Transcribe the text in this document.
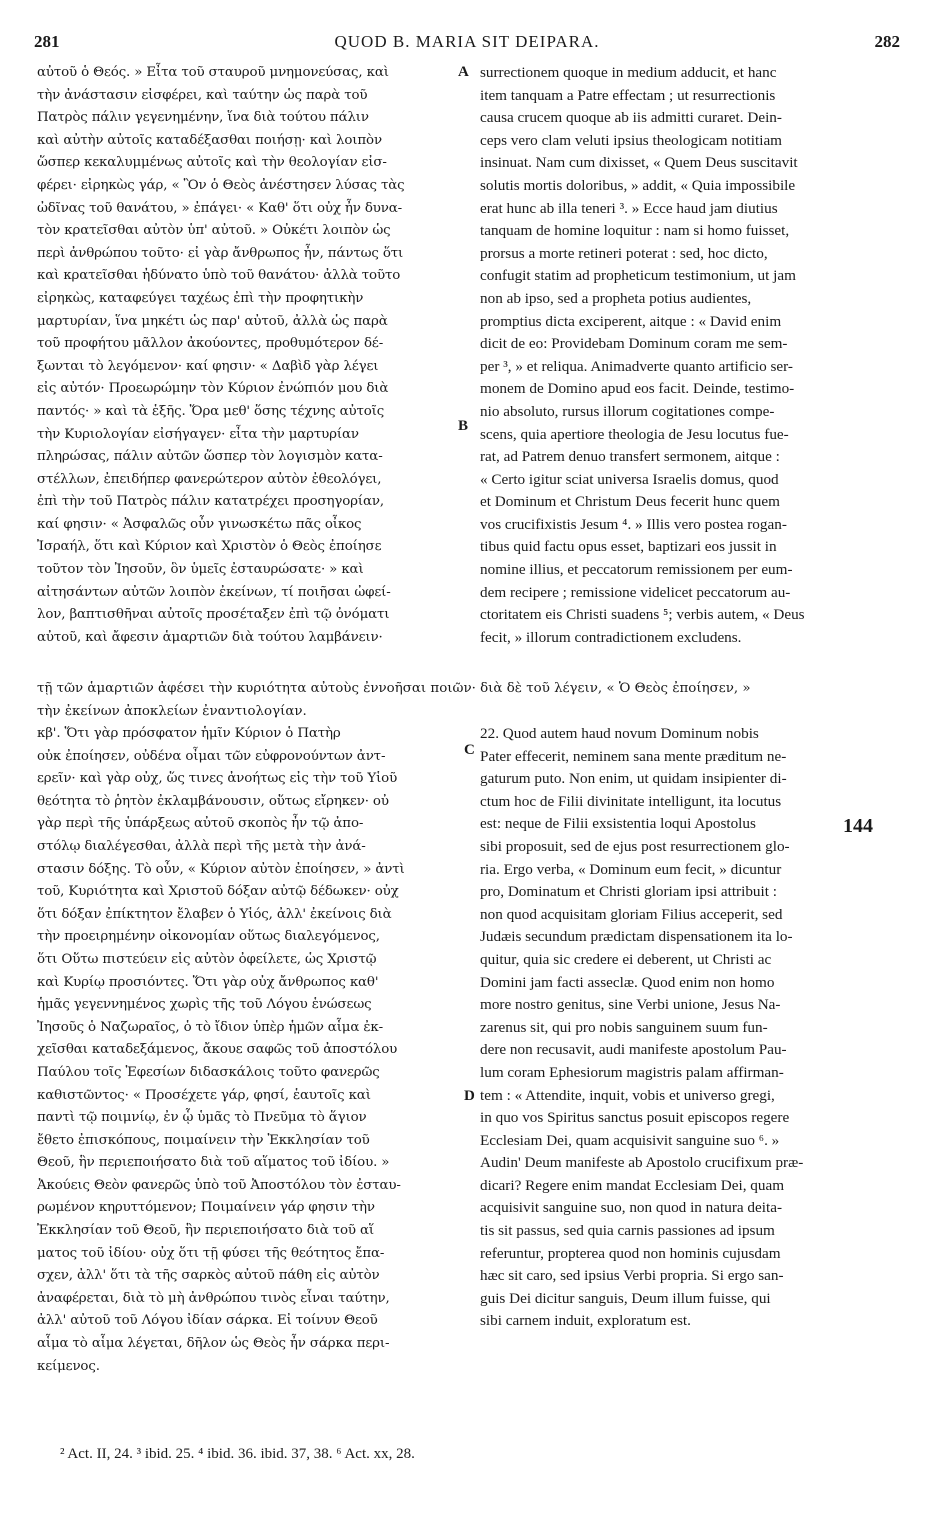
281	QUOD B. MARIA SIT DEIPARA.	282
αὐτοῦ ὁ Θεός. » Εἶτα τοῦ σταυροῦ μνημονεύσας, καὶ
τὴν ἀνάστασιν εἰσφέρει, καὶ ταύτην ὡς παρὰ τοῦ
Πατρὸς πάλιν γεγενημένην, ἵνα διὰ τούτου πάλιν
καὶ αὐτὴν αὐτοῖς καταδέξασθαι ποιήσῃ· καὶ λοιπὸν
ὥσπερ κεκαλυμμένως αὐτοῖς καὶ τὴν θεολογίαν εἰσ-
φέρει· εἰρηκὼς γάρ, « Ὃν ὁ Θεὸς ἀνέστησεν λύσας τὰς
ὠδῖνας τοῦ θανάτου, » ἐπάγει· « Καθ' ὅτι οὐχ ἦν δυνα-
τὸν κρατεῖσθαι αὐτὸν ὑπ' αὐτοῦ. » Οὐκέτι λοιπὸν ὡς
περὶ ἀνθρώπου τοῦτο· εἰ γὰρ ἄνθρωπος ἦν, πάντως ὅτι
καὶ κρατεῖσθαι ἠδύνατο ὑπὸ τοῦ θανάτου· ἀλλὰ τοῦτο
εἰρηκὼς, καταφεύγει ταχέως ἐπὶ τὴν προφητικὴν
μαρτυρίαν, ἵνα μηκέτι ὡς παρ' αὐτοῦ, ἀλλὰ ὡς παρὰ
τοῦ προφήτου μᾶλλον ἀκούοντες, προθυμότερον δέ-
ξωνται τὸ λεγόμενον· καί φησιν· « Δαβὶδ γὰρ λέγει
εἰς αὐτόν· Προεωρώμην τὸν Κύριον ἐνώπιόν μου διὰ
παντός· » καὶ τὰ ἑξῆς. Ὅρα μεθ' ὅσης τέχνης αὐτοῖς
τὴν Κυριολογίαν εἰσήγαγεν· εἶτα τὴν μαρτυρίαν
πληρώσας, πάλιν αὐτῶν ὥσπερ τὸν λογισμὸν κατα-
στέλλων, ἐπειδήπερ φανερώτερον αὐτὸν ἐθεολόγει,
ἐπὶ τὴν τοῦ Πατρὸς πάλιν κατατρέχει προσηγορίαν,
καί φησιν· « Ἀσφαλῶς οὖν γινωσκέτω πᾶς οἶκος
Ἰσραήλ, ὅτι καὶ Κύριον καὶ Χριστὸν ὁ Θεὸς ἐποίησε
τοῦτον τὸν Ἰησοῦν, ὃν ὑμεῖς ἐσταυρώσατε· » καὶ
αἰτησάντων αὐτῶν λοιπὸν ἐκείνων, τί ποιῆσαι ὠφεί-
λον, βαπτισθῆναι αὐτοῖς προσέταξεν ἐπὶ τῷ ὀνόματι
αὐτοῦ, καὶ ἄφεσιν ἁμαρτιῶν διὰ τούτου λαμβάνειν·
surrectionem quoque in medium adducit, et hanc
item tanquam a Patre effectam ; ut resurrectionis
causa crucem quoque ab iis admitti curaret. Dein-
ceps vero clam veluti ipsius theologicam notitiam
insinuat. Nam cum dixisset, « Quem Deus suscitavit
solutis mortis doloribus, » addit, « Quia impossibile
erat hunc ab illa teneri ³. » Ecce haud jam diutius
tanquam de homine loquitur : nam si homo fuisset,
prorsus a morte retineri poterat : sed, hoc dicto,
confugit statim ad propheticum testimonium, ut jam
non ab ipso, sed a propheta potius audientes,
promptius dicta exciperent, aitque : « David enim
dicit de eo: Providebam Dominum coram me sem-
per ³, » et reliqua. Animadverte quanto artificio ser-
monem de Domino apud eos facit. Deinde, testimo-
nio absoluto, rursus illorum cogitationes compe-
scens, quia apertiore theologia de Jesu locutus fue-
rat, ad Patrem denuo transfert sermonem, aitque :
« Certo igitur sciat universa Israelis domus, quod
et Dominum et Christum Deus fecerit hunc quem
vos crucifixistis Jesum ⁴. » Illis vero postea rogan-
tibus quid factu opus esset, baptizari eos jussit in
nomine illius, et peccatorum remissionem per eum-
dem recipere ; remissione videlicet peccatorum au-
ctoritatem eis Christi suadens ⁵; verbis autem, « Deus
fecit, » illorum contradictionem excludens.
A
B
C
D
τῇ τῶν ἁμαρτιῶν ἀφέσει τὴν κυριότητα αὐτοὺς ἐννοῆσαι ποιῶν· διὰ δὲ τοῦ λέγειν, « Ὁ Θεὸς ἐποίησεν, »
τὴν ἐκείνων ἀποκλείων ἐναντιολογίαν.
κβ'. Ὅτι γὰρ πρόσφατον ἡμῖν Κύριον ὁ Πατὴρ
οὐκ ἐποίησεν, οὐδένα οἶμαι τῶν εὐφρονούντων ἀντ-
ερεῖν· καὶ γὰρ οὐχ, ὥς τινες ἀνοήτως εἰς τὴν τοῦ Υἱοῦ
θεότητα τὸ ῥητὸν ἐκλαμβάνουσιν, οὕτως εἴρηκεν· οὐ
γὰρ περὶ τῆς ὑπάρξεως αὐτοῦ σκοπὸς ἦν τῷ ἀπο-
στόλῳ διαλέγεσθαι, ἀλλὰ περὶ τῆς μετὰ τὴν ἀνά-
στασιν δόξης. Τὸ οὖν, « Κύριον αὐτὸν ἐποίησεν, » ἀντὶ
τοῦ, Κυριότητα καὶ Χριστοῦ δόξαν αὐτῷ δέδωκεν· οὐχ
ὅτι δόξαν ἐπίκτητον ἔλαβεν ὁ Υἱός, ἀλλ' ἐκείνοις διὰ
τὴν προειρημένην οἰκονομίαν οὕτως διαλεγόμενος,
ὅτι Οὕτω πιστεύειν εἰς αὐτὸν ὀφείλετε, ὡς Χριστῷ
καὶ Κυρίῳ προσιόντες. Ὅτι γὰρ οὐχ ἄνθρωπος καθ'
ἡμᾶς γεγεννημένος χωρὶς τῆς τοῦ Λόγου ἑνώσεως
Ἰησοῦς ὁ Ναζωραῖος, ὁ τὸ ἴδιον ὑπὲρ ἡμῶν αἷμα ἐκ-
χεῖσθαι καταδεξάμενος, ἄκουε σαφῶς τοῦ ἀποστόλου
Παύλου τοῖς Ἐφεσίων διδασκάλοις τοῦτο φανερῶς
καθιστῶντος· « Προσέχετε γάρ, φησί, ἑαυτοῖς καὶ
παντὶ τῷ ποιμνίῳ, ἐν ᾧ ὑμᾶς τὸ Πνεῦμα τὸ ἅγιον
ἔθετο ἐπισκόπους, ποιμαίνειν τὴν Ἐκκλησίαν τοῦ
Θεοῦ, ἣν περιεποιήσατο διὰ τοῦ αἵματος τοῦ ἰδίου. »
Ἀκούεις Θεὸν φανερῶς ὑπὸ τοῦ Ἀποστόλου τὸν ἐσταυ-
ρωμένον κηρυττόμενον; Ποιμαίνειν γάρ φησιν τὴν
Ἐκκλησίαν τοῦ Θεοῦ, ἣν περιεποιήσατο διὰ τοῦ αἵ
ματος τοῦ ἰδίου· οὐχ ὅτι τῇ φύσει τῆς θεότητος ἔπα-
σχεν, ἀλλ' ὅτι τὰ τῆς σαρκὸς αὐτοῦ πάθη εἰς αὐτὸν
ἀναφέρεται, διὰ τὸ μὴ ἀνθρώπου τινὸς εἶναι ταύτην,
ἀλλ' αὐτοῦ τοῦ Λόγου ἰδίαν σάρκα. Εἰ τοίνυν Θεοῦ
αἷμα τὸ αἷμα λέγεται, δῆλον ὡς Θεὸς ἦν σάρκα περι-
κείμενος.
22. Quod autem haud novum Dominum nobis
Pater effecerit, neminem sana mente præditum ne-
gaturum puto. Non enim, ut quidam insipienter di-
ctum hoc de Filii divinitate intelligunt, ita locutus
est: neque de Filii exsistentia loqui Apostolus
sibi proposuit, sed de ejus post resurrectionem glo-
ria. Ergo verba, « Dominum eum fecit, » dicuntur
pro, Dominatum et Christi gloriam ipsi attribuit :
non quod acquisitam gloriam Filius acceperit, sed
Judæis secundum prædictam dispensationem ita lo-
quitur, quia sic credere ei deberent, ut Christi ac
Domini jam facti asseclæ. Quod enim non homo
more nostro genitus, sine Verbi unione, Jesus Na-
zarenus sit, qui pro nobis sanguinem suum fun-
dere non recusavit, audi manifeste apostolum Pau-
lum coram Ephesiorum magistris palam affirman-
tem : « Attendite, inquit, vobis et universo gregi,
in quo vos Spiritus sanctus posuit episcopos regere
Ecclesiam Dei, quam acquisivit sanguine suo ⁶. »
Audin' Deum manifeste ab Apostolo crucifixum præ-
dicari? Regere enim mandat Ecclesiam Dei, quam
acquisivit sanguine suo, non quod in natura deita-
tis sit passus, sed quia carnis passiones ad ipsum
referuntur, propterea quod non hominis cujusdam
hæc sit caro, sed ipsius Verbi propria. Si ergo san-
guis Dei dicitur sanguis, Deum illum fuisse, qui
sibi carnem induit, exploratum est.
144
² Act. II, 24. ³ ibid. 25. ⁴ ibid. 36. ibid. 37, 38. ⁶ Act. xx, 28.
